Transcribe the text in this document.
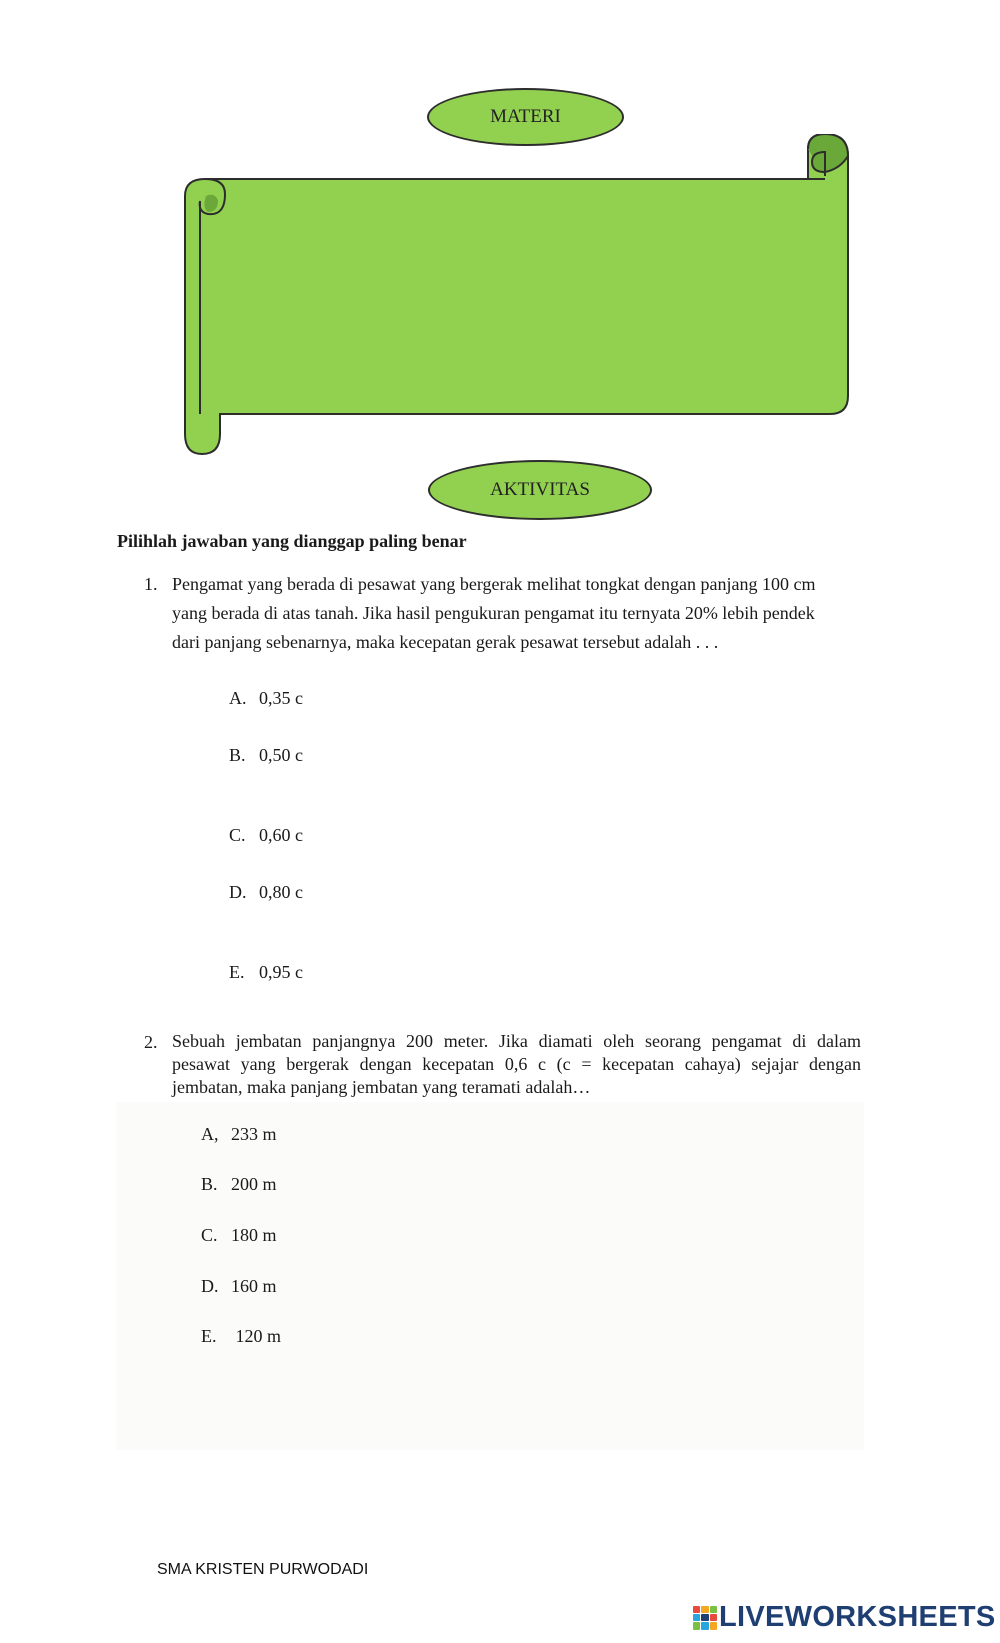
MATERI
AKTIVITAS
Pilihlah jawaban yang dianggap paling benar
1. Pengamat yang berada di pesawat yang bergerak melihat tongkat dengan panjang 100 cm
yang berada di atas tanah. Jika hasil pengukuran pengamat itu ternyata 20% lebih pendek
dari panjang sebenarnya, maka kecepatan gerak pesawat tersebut adalah . . .
A. 0,35 c
B. 0,50 c
C. 0,60 c
D. 0,80 c
E. 0,95 c
2. Sebuah jembatan panjangnya 200 meter. Jika diamati oleh seorang pengamat di dalam
pesawat yang bergerak dengan kecepatan 0,6 c (c = kecepatan cahaya) sejajar dengan
jembatan, maka panjang jembatan yang teramati adalah…
A, 233 m
B. 200 m
C. 180 m
D. 160 m
E. 120 m
SMA KRISTEN PURWODADI
LIVEWORKSHEETS
